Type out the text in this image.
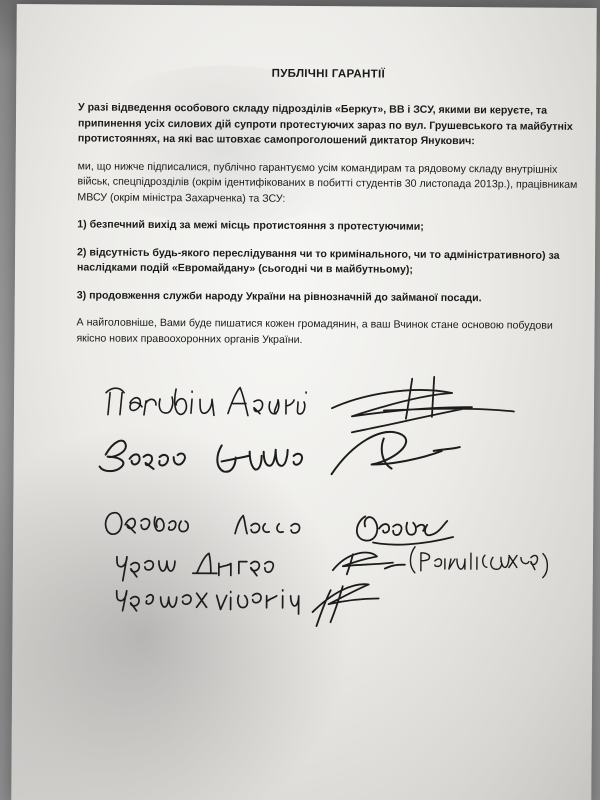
ПУБЛІЧНІ ГАРАНТІЇ

У разі відведення особового складу підрозділів «Беркут», ВВ і ЗСУ, якими ви керуєте, та припинення усіх силових дій супроти протестуючих зараз по вул. Грушевського та майбутніх протистояннях, на які вас штовхає самопроголошений диктатор Янукович:

ми, що нижче підписалися, публічно гарантуємо усім командирам та рядовому складу внутрішніх військ, спецпідрозділів (окрім ідентифікованих в побитті студентів 30 листопада 2013р.), працівникам МВСУ (окрім міністра Захарченка) та ЗСУ:

1) безпечний вихід за межі місць протистояння з протестуючими;

2) відсутність будь-якого переслідування чи то кримінального, чи то адміністративного) за наслідками подій «Евромайдану» (сьогодні чи в майбутньому);

3) продовження служби народу України на рівнозначній до займаної посади.

А найголовніше, Вами буде пишатися кожен громадянин, а ваш Вчинок стане основою побудови якісно нових правоохоронних органів України.
